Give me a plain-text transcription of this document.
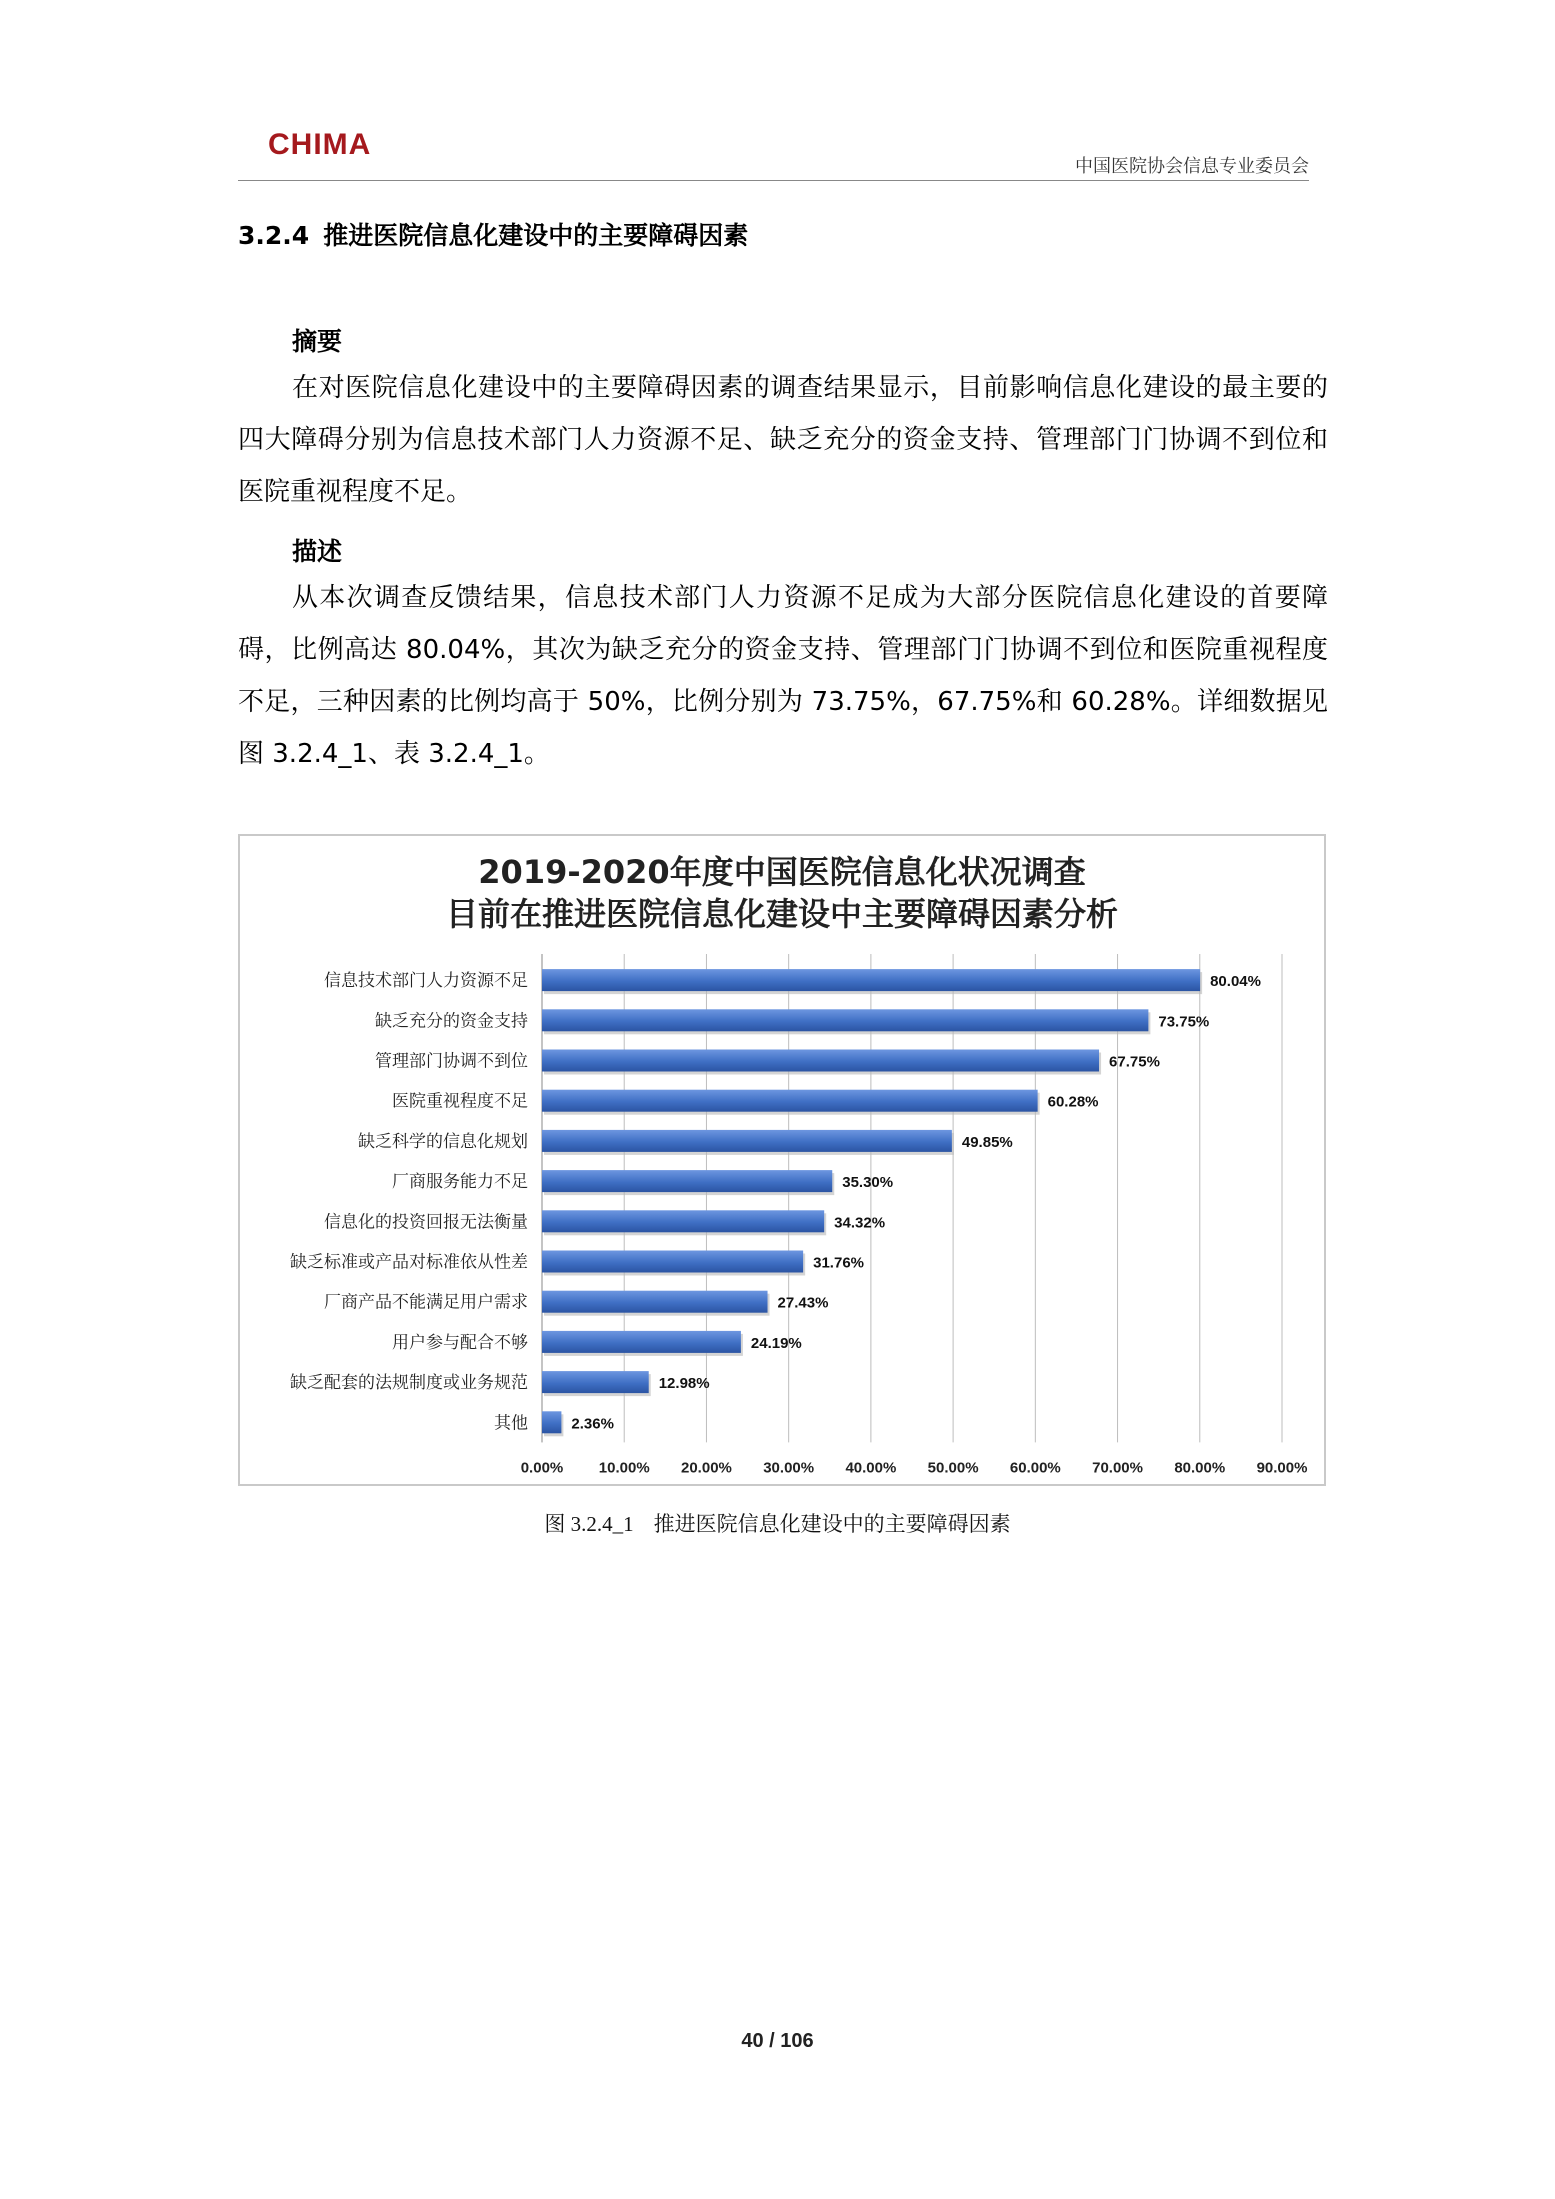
CHIMA
中国医院协会信息专业委员会
3.2.4 推进医院信息化建设中的主要障碍因素
摘要
在对医院信息化建设中的主要障碍因素的调查结果显示，目前影响信息化建设的最主要的四大障碍分别为信息技术部门人力资源不足、缺乏充分的资金支持、管理部门门协调不到位和医院重视程度不足。
描述
从本次调查反馈结果，信息技术部门人力资源不足成为大部分医院信息化建设的首要障碍，比例高达 80.04%，其次为缺乏充分的资金支持、管理部门门协调不到位和医院重视程度不足，三种因素的比例均高于 50%，比例分别为 73.75%，67.75%和 60.28%。详细数据见图 3.2.4_1、表 3.2.4_1。
2019-2020年度中国医院信息化状况调查
目前在推进医院信息化建设中主要障碍因素分析
0.00% 10.00% 20.00% 30.00% 40.00% 50.00% 60.00% 70.00% 80.00% 90.00%
信息技术部门人力资源不足	80.04%
缺乏充分的资金支持	73.75%
管理部门协调不到位	67.75%
医院重视程度不足	60.28%
缺乏科学的信息化规划	49.85%
厂商服务能力不足	35.30%
信息化的投资回报无法衡量	34.32%
缺乏标准或产品对标准依从性差	31.76%
厂商产品不能满足用户需求	27.43%
用户参与配合不够	24.19%
缺乏配套的法规制度或业务规范	12.98%
其他	2.36%
图 3.2.4_1 推进医院信息化建设中的主要障碍因素
40 / 106
